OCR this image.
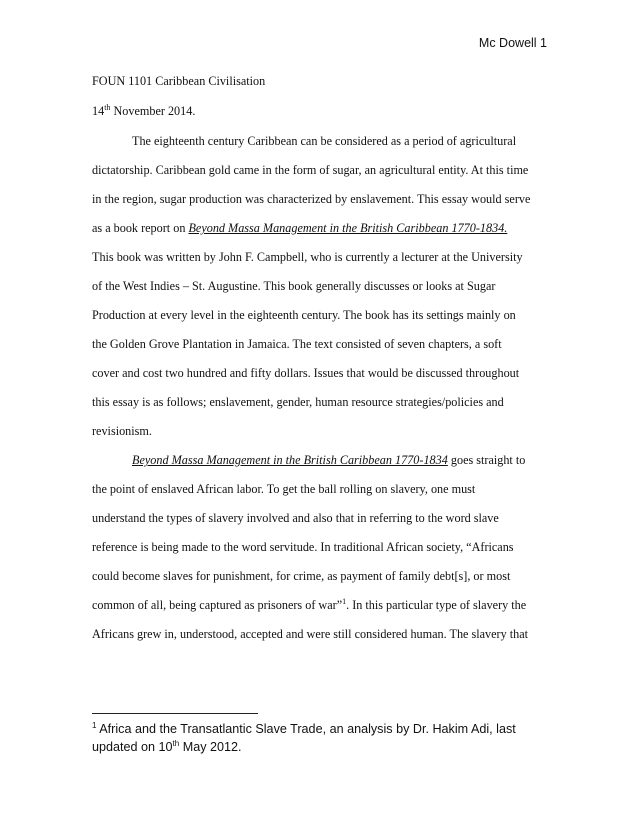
Mc Dowell 1
FOUN 1101 Caribbean Civilisation
14th November 2014.
The eighteenth century Caribbean can be considered as a period of agricultural
dictatorship. Caribbean gold came in the form of sugar, an agricultural entity. At this time
in the region, sugar production was characterized by enslavement. This essay would serve
as a book report on Beyond Massa Management in the British Caribbean 1770-1834.
This book was written by John F. Campbell, who is currently a lecturer at the University
of the West Indies – St. Augustine. This book generally discusses or looks at Sugar
Production at every level in the eighteenth century. The book has its settings mainly on
the Golden Grove Plantation in Jamaica. The text consisted of seven chapters, a soft
cover and cost two hundred and fifty dollars. Issues that would be discussed throughout
this essay is as follows; enslavement, gender, human resource strategies/policies and
revisionism.
Beyond Massa Management in the British Caribbean 1770-1834 goes straight to
the point of enslaved African labor. To get the ball rolling on slavery, one must
understand the types of slavery involved and also that in referring to the word slave
reference is being made to the word servitude. In traditional African society, “Africans
could become slaves for punishment, for crime, as payment of family debt[s], or most
common of all, being captured as prisoners of war”$^1$. In this particular type of slavery the
Africans grew in, understood, accepted and were still considered human. The slavery that
$^1$ Africa and the Transatlantic Slave Trade, an analysis by Dr. Hakim Adi, last
updated on 10th May 2012.
